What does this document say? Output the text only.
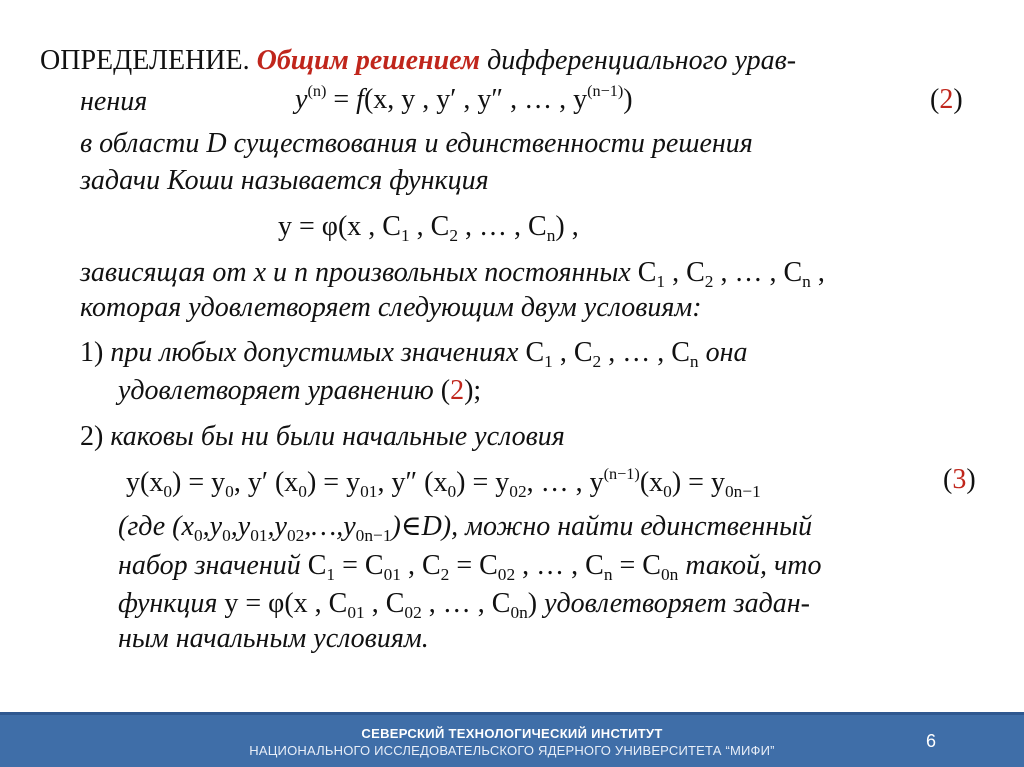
ОПРЕДЕЛЕНИЕ. Общим решением дифференциального урав-
нения	$y^{(n)} = f(x$, y , y′ , y″ , … , $y^{(n-1)}$)	(2)
в области D существования и единственности решения
задачи Коши называется функция
y = φ(x , $C_1$ , $C_2$ , … , $C_n$) ,
зависящая от x и n произвольных постоянных $C_1$ , $C_2$ , … , $C_n$ ,
которая удовлетворяет следующим двум условиям:
1) при любых допустимых значениях $C_1$ , $C_2$ , … , $C_n$ она
удовлетворяет уравнению (2);
2) каковы бы ни были начальные условия
$y(x_0) = y_0$, y′ $(x_0) = y_{01}$, y″ $(x_0) = y_{02}$, … , $y^{(n-1)}(x_0) = y_{0n-1}$	(3)
(где $(x_0,y_0,y_{01},y_{02},\dots,y_{0n-1})\in D$), можно найти единственный
набор значений $C_1 = C_{01}$ , $C_2 = C_{02}$ , … , $C_n = C_{0n}$ такой, что
функция y = φ(x , $C_{01}$ , $C_{02}$ , … , $C_{0n}$) удовлетворяет задан-
ным начальным условиям.
СЕВЕРСКИЙ ТЕХНОЛОГИЧЕСКИЙ ИНСТИТУТ
НАЦИОНАЛЬНОГО ИССЛЕДОВАТЕЛЬСКОГО ЯДЕРНОГО УНИВЕРСИТЕТА “МИФИ”	6
